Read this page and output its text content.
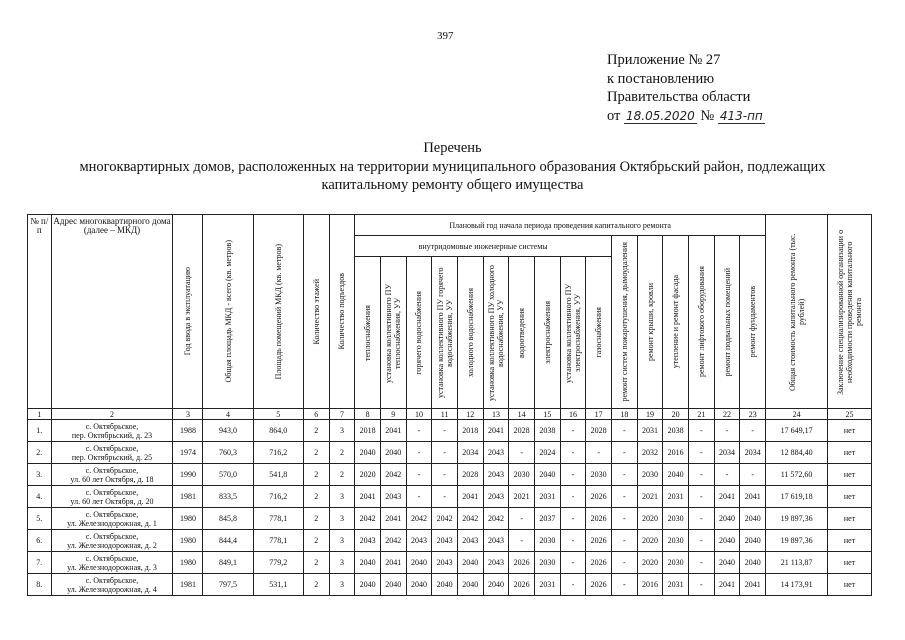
397
Приложение № 27
к постановлению
Правительства области
от 18.05.2020 № 413-пп
Перечень
многоквартирных домов, расположенных на территории муниципального образования Октябрьский район, подлежащих
капитальному ремонту общего имущества
№ п/п	Адрес многоквартирного дома (далее – МКД)	Год ввода в эксплуатацию	Общая площадь МКД - всего (кв. метров)	Площадь помещений МКД (кв. метров)	Количество этажей	Количество подъездов	Плановый год начала периода проведения капитального ремонта																Общая стоимость капитального ремонта (тыс. рублей)	Заключение специализированной организации о необходимости проведения капитального ремонта

							внутридомовые инженерные системы										ремонт систем пожаротушения, дымоудаления	ремонт крыши, кровли	утепление и ремонт фасада	ремонт лифтового оборудования	ремонт подвальных помещений	ремонт фундаментов		

							теплоснабжения	установка коллективного ПУ теплоснабжения, УУ	горячего водоснабжения	установка коллективного ПУ горячего водоснабжения, УУ	холодного водоснабжения	установка коллективного ПУ холодного водоснабжения, УУ	водоотведения	электроснабжения	установка коллективного ПУ электроснабжения, УУ	газоснабжения								

1	2	3	4	5	6	7	8	9	10	11	12	13	14	15	16	17	18	19	20	21	22	23	24	25
1.	с. Октябрьское,
пер. Октябрьский, д. 23	1988	943,0	864,0	2	3	2018	2041	-	-	2018	2041	2028	2038	-	2028	-	2031	2038	-	-	-	17 649,17	нет
2.	с. Октябрьское,
пер. Октябрьский, д. 25	1974	760,3	716,2	2	2	2040	2040	-	-	2034	2043	-	2024	-	-	-	2032	2016	-	2034	2034	12 884,40	нет
3.	с. Октябрьское,
ул. 60 лет Октября, д. 18	1990	570,0	541,8	2	2	2020	2042	-	-	2028	2043	2030	2040	-	2030	-	2030	2040	-	-	-	11 572,60	нет
4.	с. Октябрьское,
ул. 60 лет Октября, д. 20	1981	833,5	716,2	2	3	2041	2043	-	-	2041	2043	2021	2031	-	2026	-	2021	2031	-	2041	2041	17 619,18	нет
5.	с. Октябрьское,
ул. Железнодорожная, д. 1	1980	845,8	778,1	2	3	2042	2041	2042	2042	2042	2042	-	2037	-	2026	-	2020	2030	-	2040	2040	19 897,36	нет
6.	с. Октябрьское,
ул. Железнодорожная, д. 2	1980	844,4	778,1	2	3	2043	2042	2043	2043	2043	2043	-	2030	-	2026	-	2020	2030	-	2040	2040	19 897,36	нет
7.	с. Октябрьское,
ул. Железнодорожная, д. 3	1980	849,1	779,2	2	3	2040	2041	2040	2043	2040	2043	2026	2030	-	2026	-	2020	2030	-	2040	2040	21 113,87	нет
8.	с. Октябрьское,
ул. Железнодорожная, д. 4	1981	797,5	531,1	2	3	2040	2040	2040	2040	2040	2040	2026	2031	-	2026	-	2016	2031	-	2041	2041	14 173,91	нет
